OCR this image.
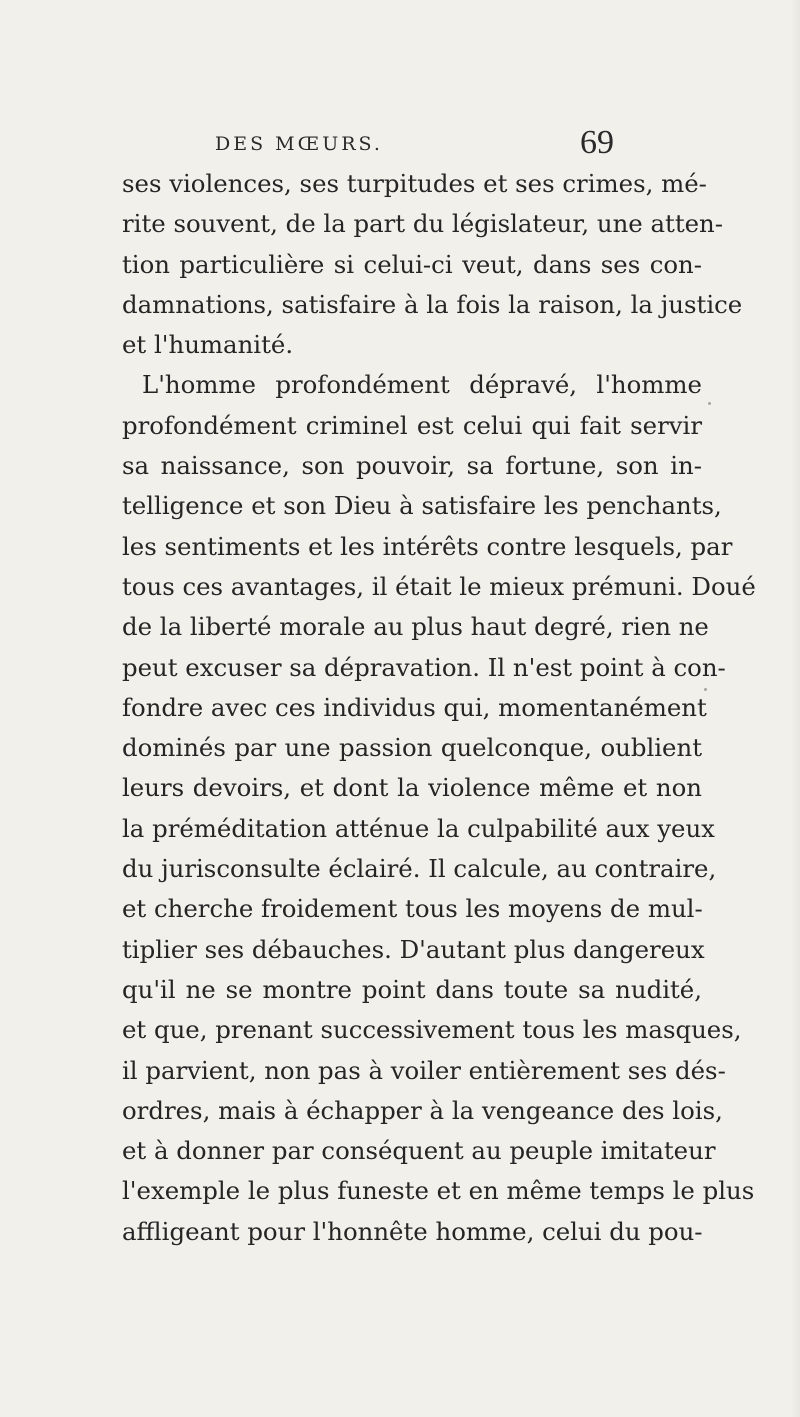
DES MŒURS.	69
ses violences, ses turpitudes et ses crimes, mé-
rite souvent, de la part du législateur, une atten-
tion particulière si celui-ci veut, dans ses con-
damnations, satisfaire à la fois la raison, la justice
et l'humanité.
L'homme profondément dépravé, l'homme
profondément criminel est celui qui fait servir
sa naissance, son pouvoir, sa fortune, son in-
telligence et son Dieu à satisfaire les penchants,
les sentiments et les intérêts contre lesquels, par
tous ces avantages, il était le mieux prémuni. Doué
de la liberté morale au plus haut degré, rien ne
peut excuser sa dépravation. Il n'est point à con-
fondre avec ces individus qui, momentanément
dominés par une passion quelconque, oublient
leurs devoirs, et dont la violence même et non
la préméditation atténue la culpabilité aux yeux
du jurisconsulte éclairé. Il calcule, au contraire,
et cherche froidement tous les moyens de mul-
tiplier ses débauches. D'autant plus dangereux
qu'il ne se montre point dans toute sa nudité,
et que, prenant successivement tous les masques,
il parvient, non pas à voiler entièrement ses dés-
ordres, mais à échapper à la vengeance des lois,
et à donner par conséquent au peuple imitateur
l'exemple le plus funeste et en même temps le plus
affligeant pour l'honnête homme, celui du pou-
